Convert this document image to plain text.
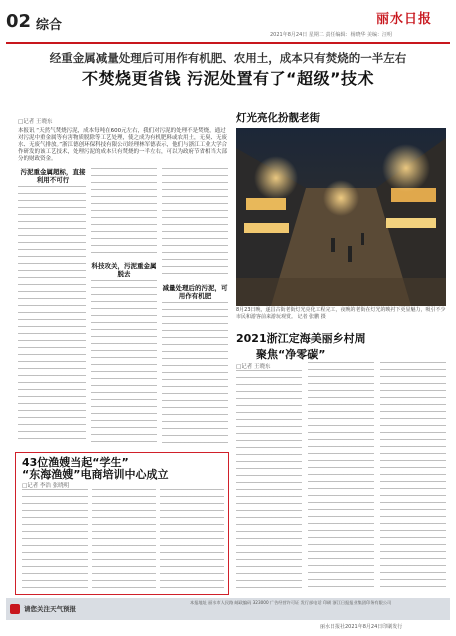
02 综合	丽水日报
2021年8月24日 星期二 责任编辑：杨晓华 美编：汪明
经重金属减量处理后可用作有机肥、农用土，成本只有焚烧的一半左右
不焚烧更省钱 污泥处置有了“超级”技术
□记者 王晓东
本报讯 “天然气焚烧污泥，成本每吨在600元左右，我们对污泥的处理不是焚烧，通过对污泥中重金属等有害物质脱除等工艺处理，使之成为有机肥料或农用土，无臭、无废水、无废气排放。”浙江德创环保科技有限公司经理林军德表示，他们与浙江工业大学合作研发的该工艺技术，处理污泥的成本只有焚烧的一半左右，可以为政府节省相当大部分的财政资金。
污泥重金属超标，直接利用不可行
科技攻关，污泥重金属脱去
减量处理后的污泥，可用作有机肥
灯光亮化扮靓老街
8月23日晚，遂昌古街老街灯光亮化工程完工，夜晚的老街在灯光的映衬下更显魅力，吸引不少市民和游客前来游玩观赏。 记者 张鹏 摄
2021浙江定海美丽乡村周
聚焦“净零碳”
□记者 王晓东
43位渔嫂当起“学生”
“东海渔嫂”电商培训中心成立
□记者 李浩 张晓明
请您关注天气预报
本报地址 丽水市人民路 邮政编码 323000 广告经营许可证 发行部电话 印刷 浙江日报报业集团印务有限公司
丽水日报社2021年8月24日印刷发行
